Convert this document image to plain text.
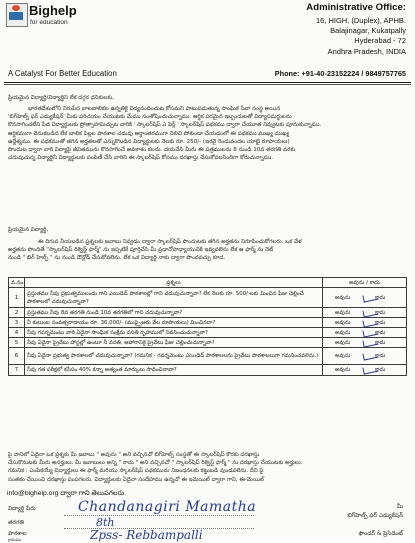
Bighelp
for education
A Catalyst For Better Education
Administrative Office:
16, HIGH. (Duplex), APHB.
Balajinagar, Kukatpally
Hyderabad - 72
Andhra Pradesh, INDIA
Phone: +91-40-23152224 / 9849757765
ప్రియమైన విద్యార్థి/విద్యార్థిని లేక దగ్గర ధనికులకు,
భారతదేశంలోని నిరుపేద బాలబాలికల ఉన్నతికై విద్యనందించుట కోసమని పాటుపడుతున్న సాంఘిక సేవా సంస్థ అయిన
'బిగ్‌హెల్ప్ ఫర్ ఎడ్యుకేషన్' మీకు పరిచయం చేయుటకు మేము సంతోషించుచున్నాము. ఆర్థిక పరమైన ఇబ్బందులతో విద్యాసమర్థులను
కొనసాగించలేని పేద విద్యార్థులకు ప్రోత్సాహమిచ్చుట వారికి ' స్కాలర్‌షిప్ ఎ పెర్ల్ ' స్కాలర్‌షిప్ పథకము ద్వారా చేయూత నివ్వుటకు పూనుకున్నాము.
ఆర్థికముగా వెనుకబడిన లేక బాలిక పిల్లల పాఠశాల చదువు అర్ధాంతరముగా నిలిచి పోకుండా చేయడంలో ఈ పథకము ముఖ్య ముఖ్య
ఉద్దేశ్యము. ఈ పథకముతో తగిన అర్హతలతో ఎన్నుకొబడిన విద్యార్థులకు నెలకు రూ. 250/- (ఇరవై రెండువందల యాభై రూపాయలు)
పొందుట ద్వారా వారి విద్యాపై జీవితమును కొనసాగించే అవకాశం కలదు. దయచేసి మీరు ఈ పత్రములను 8 నుండి 10వ తరగతి వరకు
చదువుచున్న విద్యార్థినీ విద్యార్థులకు పంపిణీ చేసి వారిని ఈ స్కాలర్‌షిప్ కోసము దరఖాస్తు చేసుకోవలసిందిగా కోరుచున్నాము.
ప్రియమైన విద్యార్థి,
ఈ దిగువ నీయబడిన ప్రశ్నలకు జవాబు నివ్వడం ద్వారా స్కాలర్‌షిప్ పొందుటకు తగిన అర్హతను నిరూపించుకోగలరు. ఒక వేళ
అర్హతను పొందితే "స్కాలర్‌షిప్ రిక్వెస్ట్ ఫార్మ్" ను ఇప్పటికే పూర్తిచేసి మీ ప్రధానోపాధ్యాయునికి ఇవ్వవలెను లేక ఆ ఫార్మ్ ను నెట్
నుండి " బిగ్ హెల్ప్ " ను నుండి డౌన్లోడ్ చేసుకోవలెను. లేక ఒక విద్యార్థి నాకు ద్వారా పొందవచ్చు కూడ.
వ.నం.	ప్రశ్నలు	అవును / కాదు
1	ప్రస్తుతము నీవు ప్రభుత్వములందు గాని ఎయిడెడ్ పాఠశాలల్లో గాని చదువుచున్నావా? లేక నెలకు రూ. 500/-లకు మించిన ఫీజు చెల్లించే పాఠశాలలో చదువుచున్నావా?	అవును కాదు

2	ప్రస్తుతము నీవు 8వ తరగతి నుండి 10వ తరగతిలో గాని చదువుచున్నావా?	అవును కాదు

3	నీ కుటుంబ సంవత్సరాదాయం రూ. 36,000/- (ముప్పైఆరు వేల రూపాయలు) మించినదా?	అవును కాదు

4	నీవు గవర్నమెంటు వారి ఏదైనా సాంఘిక సంక్షేమ వసతి గృహములో నివసించుచున్నావా?	అవును కాదు

5	నీవు ఏదైనా ప్రైవేటు హాస్టల్లో ఉంటూ నీ వసతి, ఆహారానికై ప్రైవేటు ఫీజు చెల్లించుచున్నావా?	అవును కాదు

6	నీవు ఏదైనా ప్రభుత్వ పాఠశాలలో చదువుచున్నావా? (గమనిక - గవర్నమెంటు ఎయిడెడ్ పాఠశాలలను ప్రైవేటు పాఠశాలలుగా గమనించవలెను.)	అవును కాదు

7	నీవు గత పరీక్షలో కనీసం 40% కన్నా అత్యంత మార్కులు సాధించినావా?	అవును కాదు
పై వానిలో ఏదైనా ఒక ప్రశ్నకు మీ జవాబు " అవును " అని వచ్చినచో బిగ్‌హెల్ప్ సంస్థతో ఈ స్కాలర్‌షిప్ కొరకు దరఖాస్తు
చేసుకొనుటకు మీరు అనర్హులు. మీ జవాబులు అన్ని " కాదు " అని వచ్చినచో " స్కాలర్‌షిప్ రిక్వెస్ట్ ఫార్మ్ " ను దరఖాస్తు చేయుటకు అర్హులు.
గమనిక : ఎంపికయ్యే విద్యార్థులు ఈ ఫార్మ్ మరియు స్కాలర్‌షిప్ పథకమును నిబంధనలకు కట్టుబడి వుండవలెను. దీని పై
సంతకం చేయించి దరఖాస్తు పంపగలరు. విద్యార్థులకు ఏదైనా సందేహము ఉన్నచో ఈ ఇమెయిల్ ద్వారా గాని, ఈ-మెయిల్
info@bighelp.org ద్వారా గాని తెలుపగలరు.
విద్యార్థి పేరు	Chandanagiri Mamatha
తరగతి	8th
పాఠశాల	Zpss- Rebbampalli
గ్రామము
మీ
బిగ్‌హెల్ప్ ఫర్ ఎడ్యుకేషన్
ఫౌండర్ & ప్రెసిడెంట్
